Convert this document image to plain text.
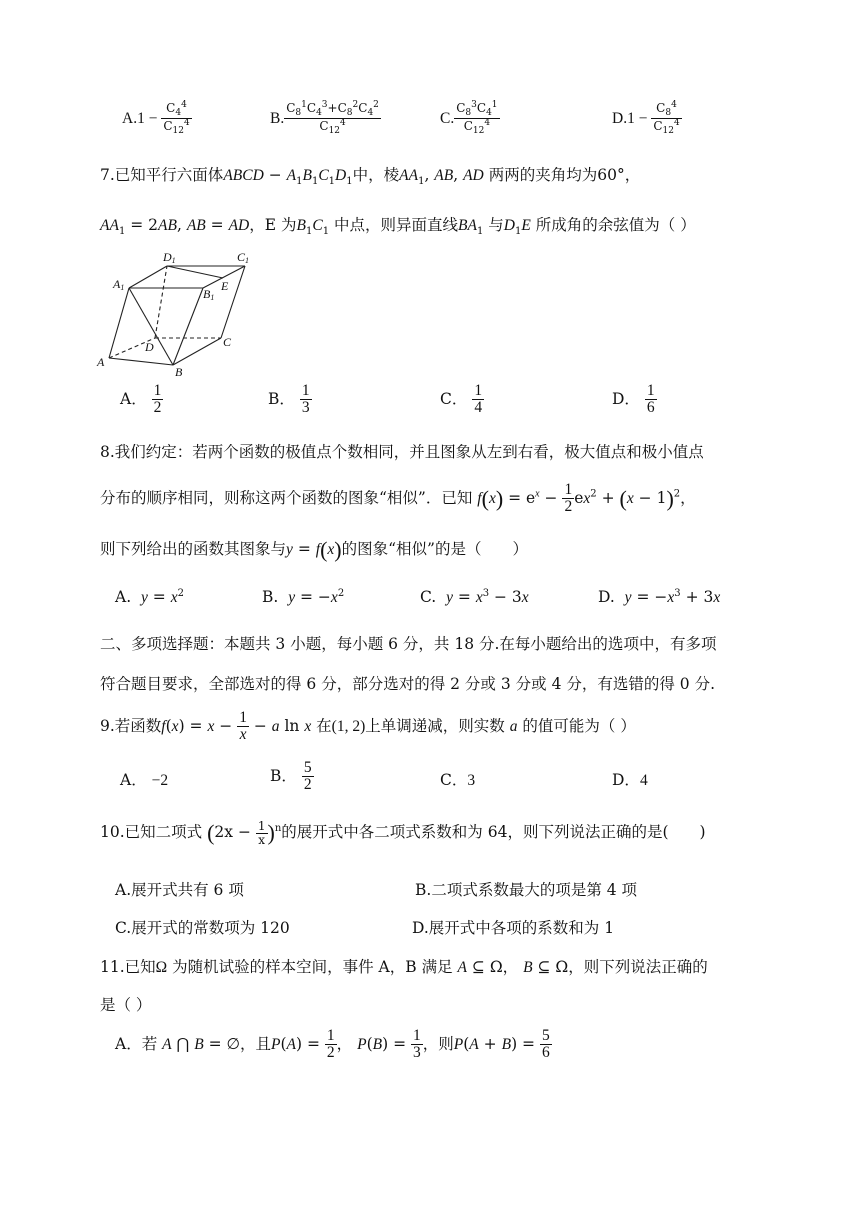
$A.1 - \frac{C_4^4}{C_{12}^4}$	B. $\frac{C_8^1C_4^3+C_8^2C_4^2}{C_{12}^4}$	C. $\frac{C_8^3C_4^1}{C_{12}^4}$	$D.1 - \frac{C_8^4}{C_{12}^4}$
7.已知平行六面体ABCD − $A_1B_1C_1D_1$中，棱$AA_1$, AB, AD 两两的夹角均为60°，
$AA_1 = 2AB$, AB = AD，E 为$B_1C_1$ 中点，则异面直线$BA_1$ 与$D_1E$ 所成角的余弦值为（ ）
D1	C1
A1	B1
E
D	C
A
B
A． $\frac{1}{2}$	B． $\frac{1}{3}$	C． $\frac{1}{4}$	D． $\frac{1}{6}$
8.我们约定：若两个函数的极值点个数相同，并且图象从左到右看，极大值点和极小值点
分布的顺序相同，则称这两个函数的图象“相似”．已知 $f(x) = e^x - \frac{1}{2} ex^2 + (x - 1)^2$，
则下列给出的函数其图象与y = f(x)的图象“相似”的是（　　）
A. $y = x^2$	B. $y = -x^2$	C. $y = x^3 - 3x$	D. $y = -x^3 + 3x$
二、多项选择题：本题共 3 小题，每小题 6 分，共 18 分.在每小题给出的选项中，有多项
符合题目要求，全部选对的得 6 分，部分选对的得 2 分或 3 分或 4 分，有选错的得 0 分.
9.若函数$f(x) = x - \frac{1}{x} - a$ ln x 在(1, 2)上单调递减，则实数 a 的值可能为（ ）
A． −2	B． $\frac{5}{2}$	C．3	D．4
10.已知二项式 $(2x - \frac{1}{x} )^n$的展开式中各二项式系数和为 64，则下列说法正确的是(　　)
A.展开式共有 6 项	B.二项式系数最大的项是第 4 项
C.展开式的常数项为 120	D.展开式中各项的系数和为 1
11.已知Ω 为随机试验的样本空间，事件 A，B 满足 A ⊆ Ω， B ⊆ Ω，则下列说法正确的
是（ ）
A．若 A ⋂ B = ∅，且$P(A) = \frac{1}{2}$ ， $P(B) = \frac{1}{3}$ ，则$P(A + B) = \frac{5}{6}$
